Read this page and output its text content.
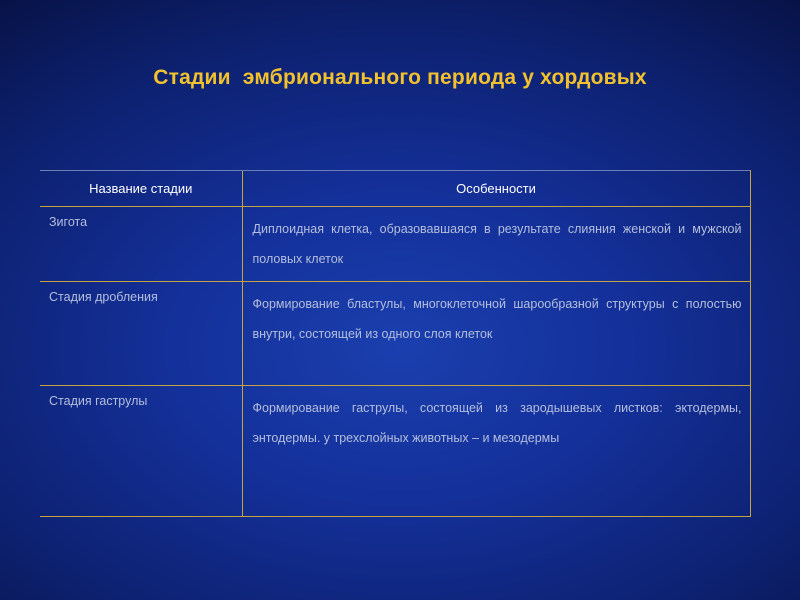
Стадии  эмбрионального периода у хордовых
Название стадии	Особенности
Зигота	Диплоидная клетка, образовавшаяся в результате слияния женской и мужской половых клеток
Стадия дробления	Формирование бластулы, многоклеточной шарообразной структуры с полостью внутри, состоящей из одного слоя клеток
Стадия гаструлы	Формирование гаструлы, состоящей из зародышевых листков: эктодермы, энтодермы. у трехслойных животных – и мезодермы
